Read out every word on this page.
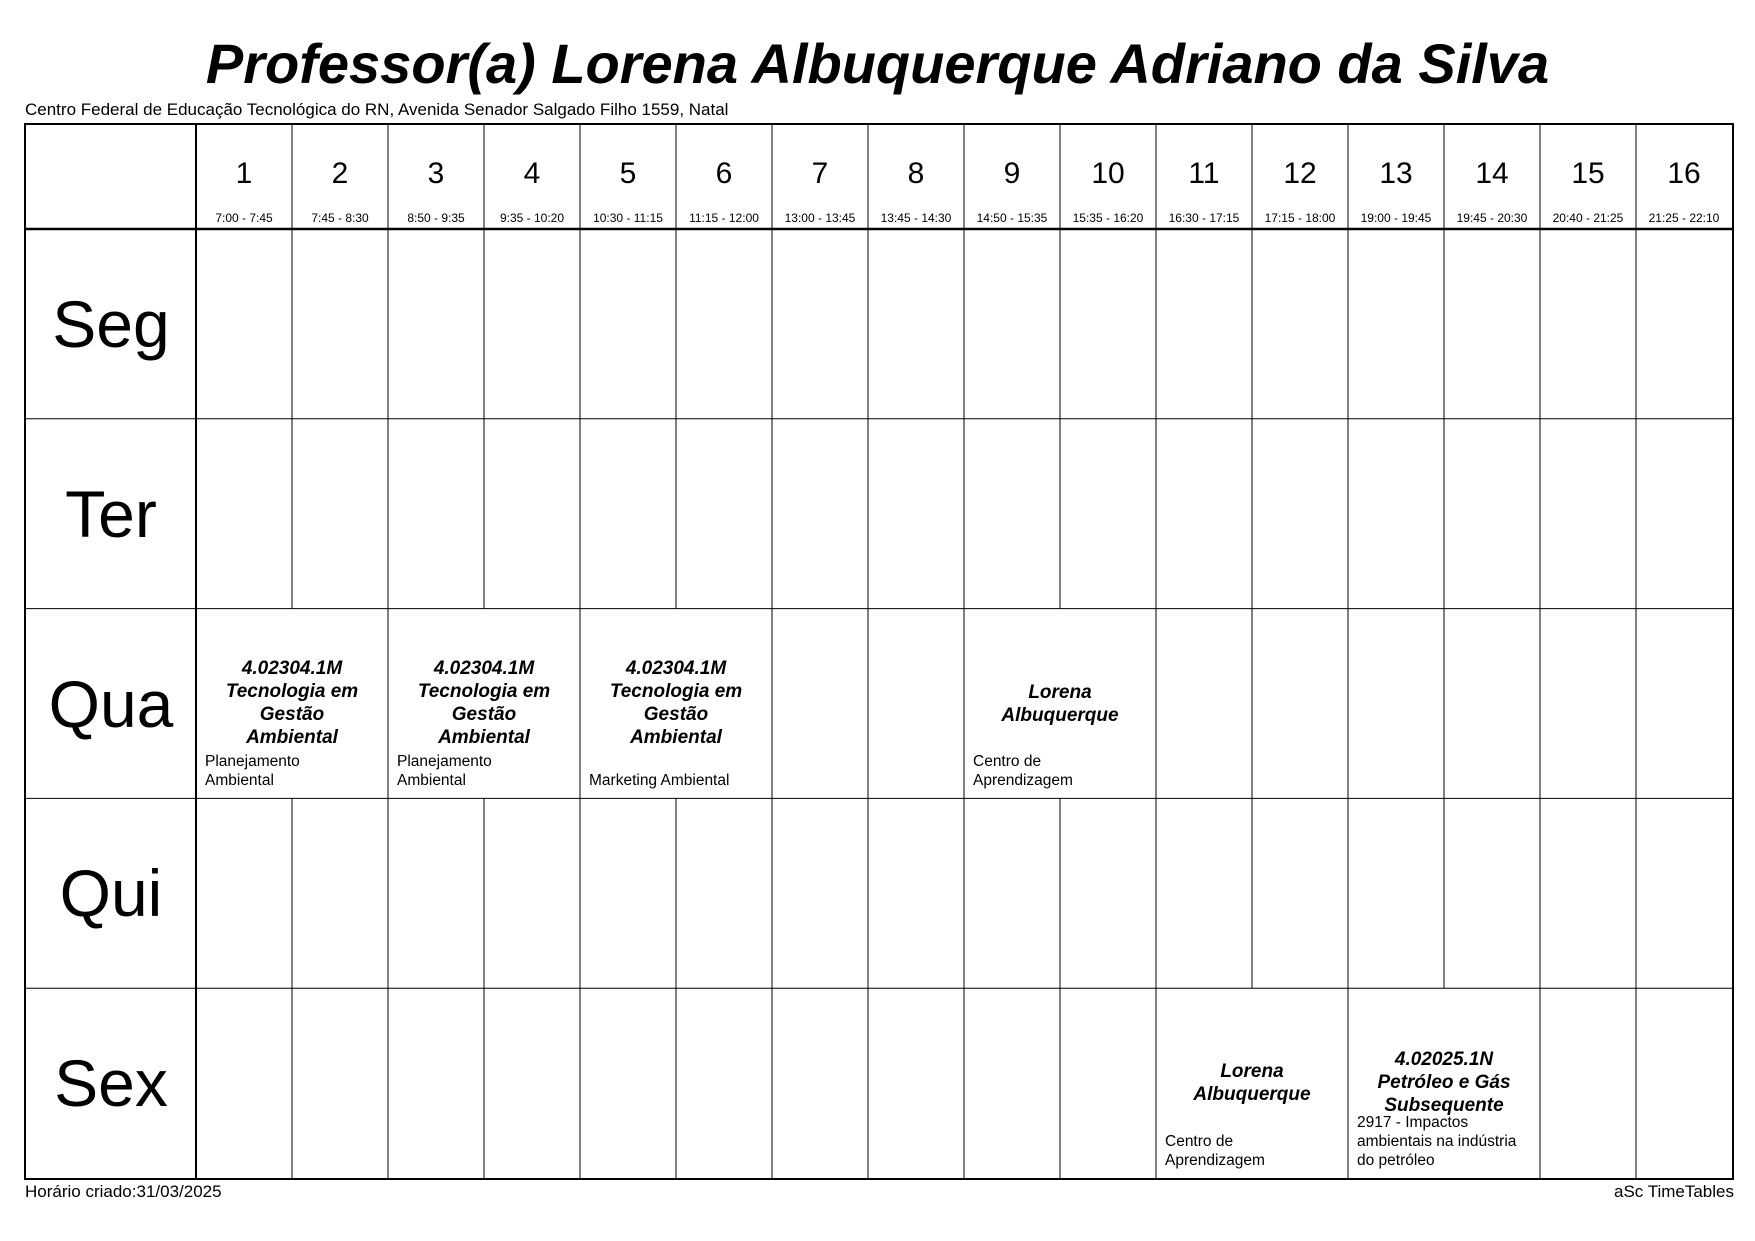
Professor(a) Lorena Albuquerque Adriano da Silva
Centro Federal de Educação Tecnológica do RN, Avenida Senador Salgado Filho 1559, Natal
1
7:00 - 7:45
2
7:45 - 8:30
3
8:50 - 9:35
4
9:35 - 10:20
5
10:30 - 11:15
6
11:15 - 12:00
7
13:00 - 13:45
8
13:45 - 14:30
9
14:50 - 15:35
10
15:35 - 16:20
11
16:30 - 17:15
12
17:15 - 18:00
13
19:00 - 19:45
14
19:45 - 20:30
15
20:40 - 21:25
16
21:25 - 22:10
Seg
Ter
Qua
Qui
Sex
4.02304.1M
Tecnologia em
Gestão
Ambiental
Planejamento
Ambiental
4.02304.1M
Tecnologia em
Gestão
Ambiental
Planejamento
Ambiental
4.02304.1M
Tecnologia em
Gestão
Ambiental
Marketing Ambiental
Lorena
Albuquerque
Centro de
Aprendizagem
Lorena
Albuquerque
Centro de
Aprendizagem
4.02025.1N
Petróleo e Gás
Subsequente
2917 - Impactos
ambientais na indústria
do petróleo
Horário criado:31/03/2025	aSc TimeTables
